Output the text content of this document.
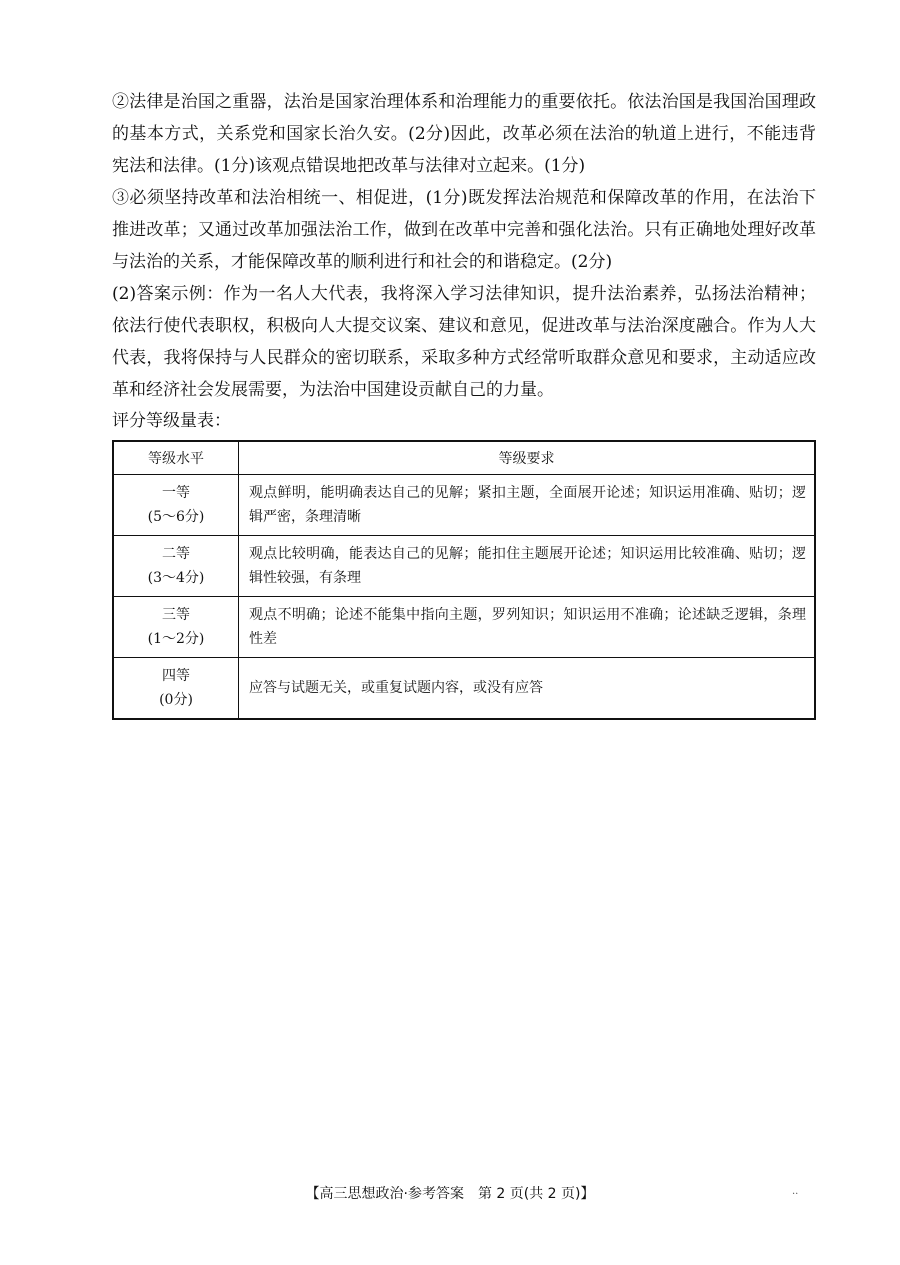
②法律是治国之重器，法治是国家治理体系和治理能力的重要依托。依法治国是我国治国理政的基本方式，关系党和国家长治久安。(2分)因此，改革必须在法治的轨道上进行，不能违背宪法和法律。(1分)该观点错误地把改革与法律对立起来。(1分)

③必须坚持改革和法治相统一、相促进，(1分)既发挥法治规范和保障改革的作用，在法治下推进改革；又通过改革加强法治工作，做到在改革中完善和强化法治。只有正确地处理好改革与法治的关系，才能保障改革的顺利进行和社会的和谐稳定。(2分)

(2)答案示例：作为一名人大代表，我将深入学习法律知识，提升法治素养，弘扬法治精神；依法行使代表职权，积极向人大提交议案、建议和意见，促进改革与法治深度融合。作为人大代表，我将保持与人民群众的密切联系，采取多种方式经常听取群众意见和要求，主动适应改革和经济社会发展需要，为法治中国建设贡献自己的力量。

评分等级量表：

等级水平	等级要求

一等
(5～6分)	观点鲜明，能明确表达自己的见解；紧扣主题，全面展开论述；知识运用准确、贴切；逻辑严密，条理清晰

二等
(3～4分)	观点比较明确，能表达自己的见解；能扣住主题展开论述；知识运用比较准确、贴切；逻辑性较强，有条理

三等
(1～2分)	观点不明确；论述不能集中指向主题，罗列知识；知识运用不准确；论述缺乏逻辑，条理性差

四等
(0分)	应答与试题无关，或重复试题内容，或没有应答
【高三思想政治·参考答案　第 2 页(共 2 页)】	..
